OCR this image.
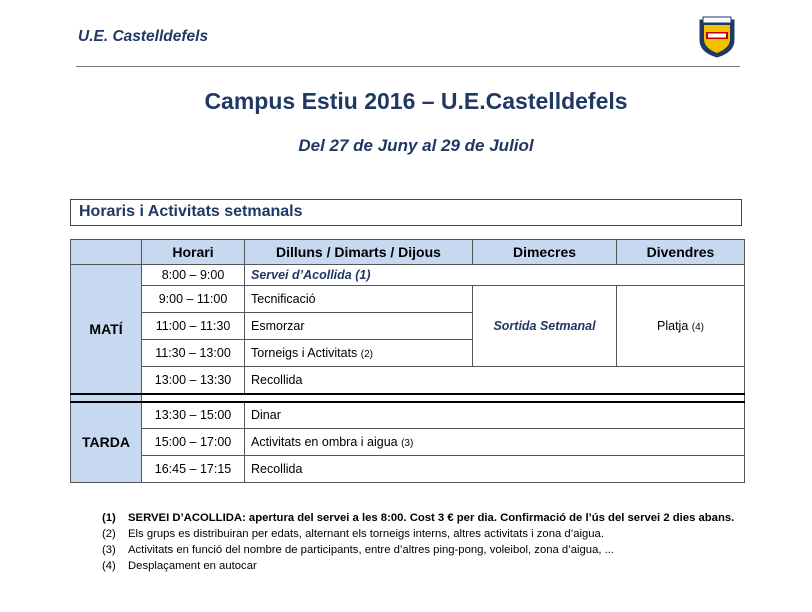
U.E. Castelldefels
Campus Estiu 2016 – U.E.Castelldefels
Del 27 de Juny al 29 de Juliol
Horaris i Activitats setmanals
	Horari	Dilluns / Dimarts / Dijous	Dimecres	Divendres
MATÍ	8:00 – 9:00	Servei d’Acollida (1)		
	9:00 – 11:00	Tecnificació	Sortida Setmanal	Platja (4)
	11:00 – 11:30	Esmorzar		
	11:30 – 13:00	Torneigs i Activitats (2)		
	13:00 – 13:30	Recollida		

TARDA	13:30 – 15:00	Dinar		
	15:00 – 17:00	Activitats en ombra i aigua (3)		
	16:45 – 17:15	Recollida		
(1)	SERVEI D’ACOLLIDA: apertura del servei a les 8:00. Cost 3 € per dia. Confirmació de l’ús del servei 2 dies abans.
(2)	Els grups es distribuiran per edats, alternant els torneigs interns, altres activitats i zona d’aigua.
(3)	Activitats en funció del nombre de participants, entre d’altres ping-pong, voleibol, zona d’aigua, ...
(4)	Desplaçament en autocar
